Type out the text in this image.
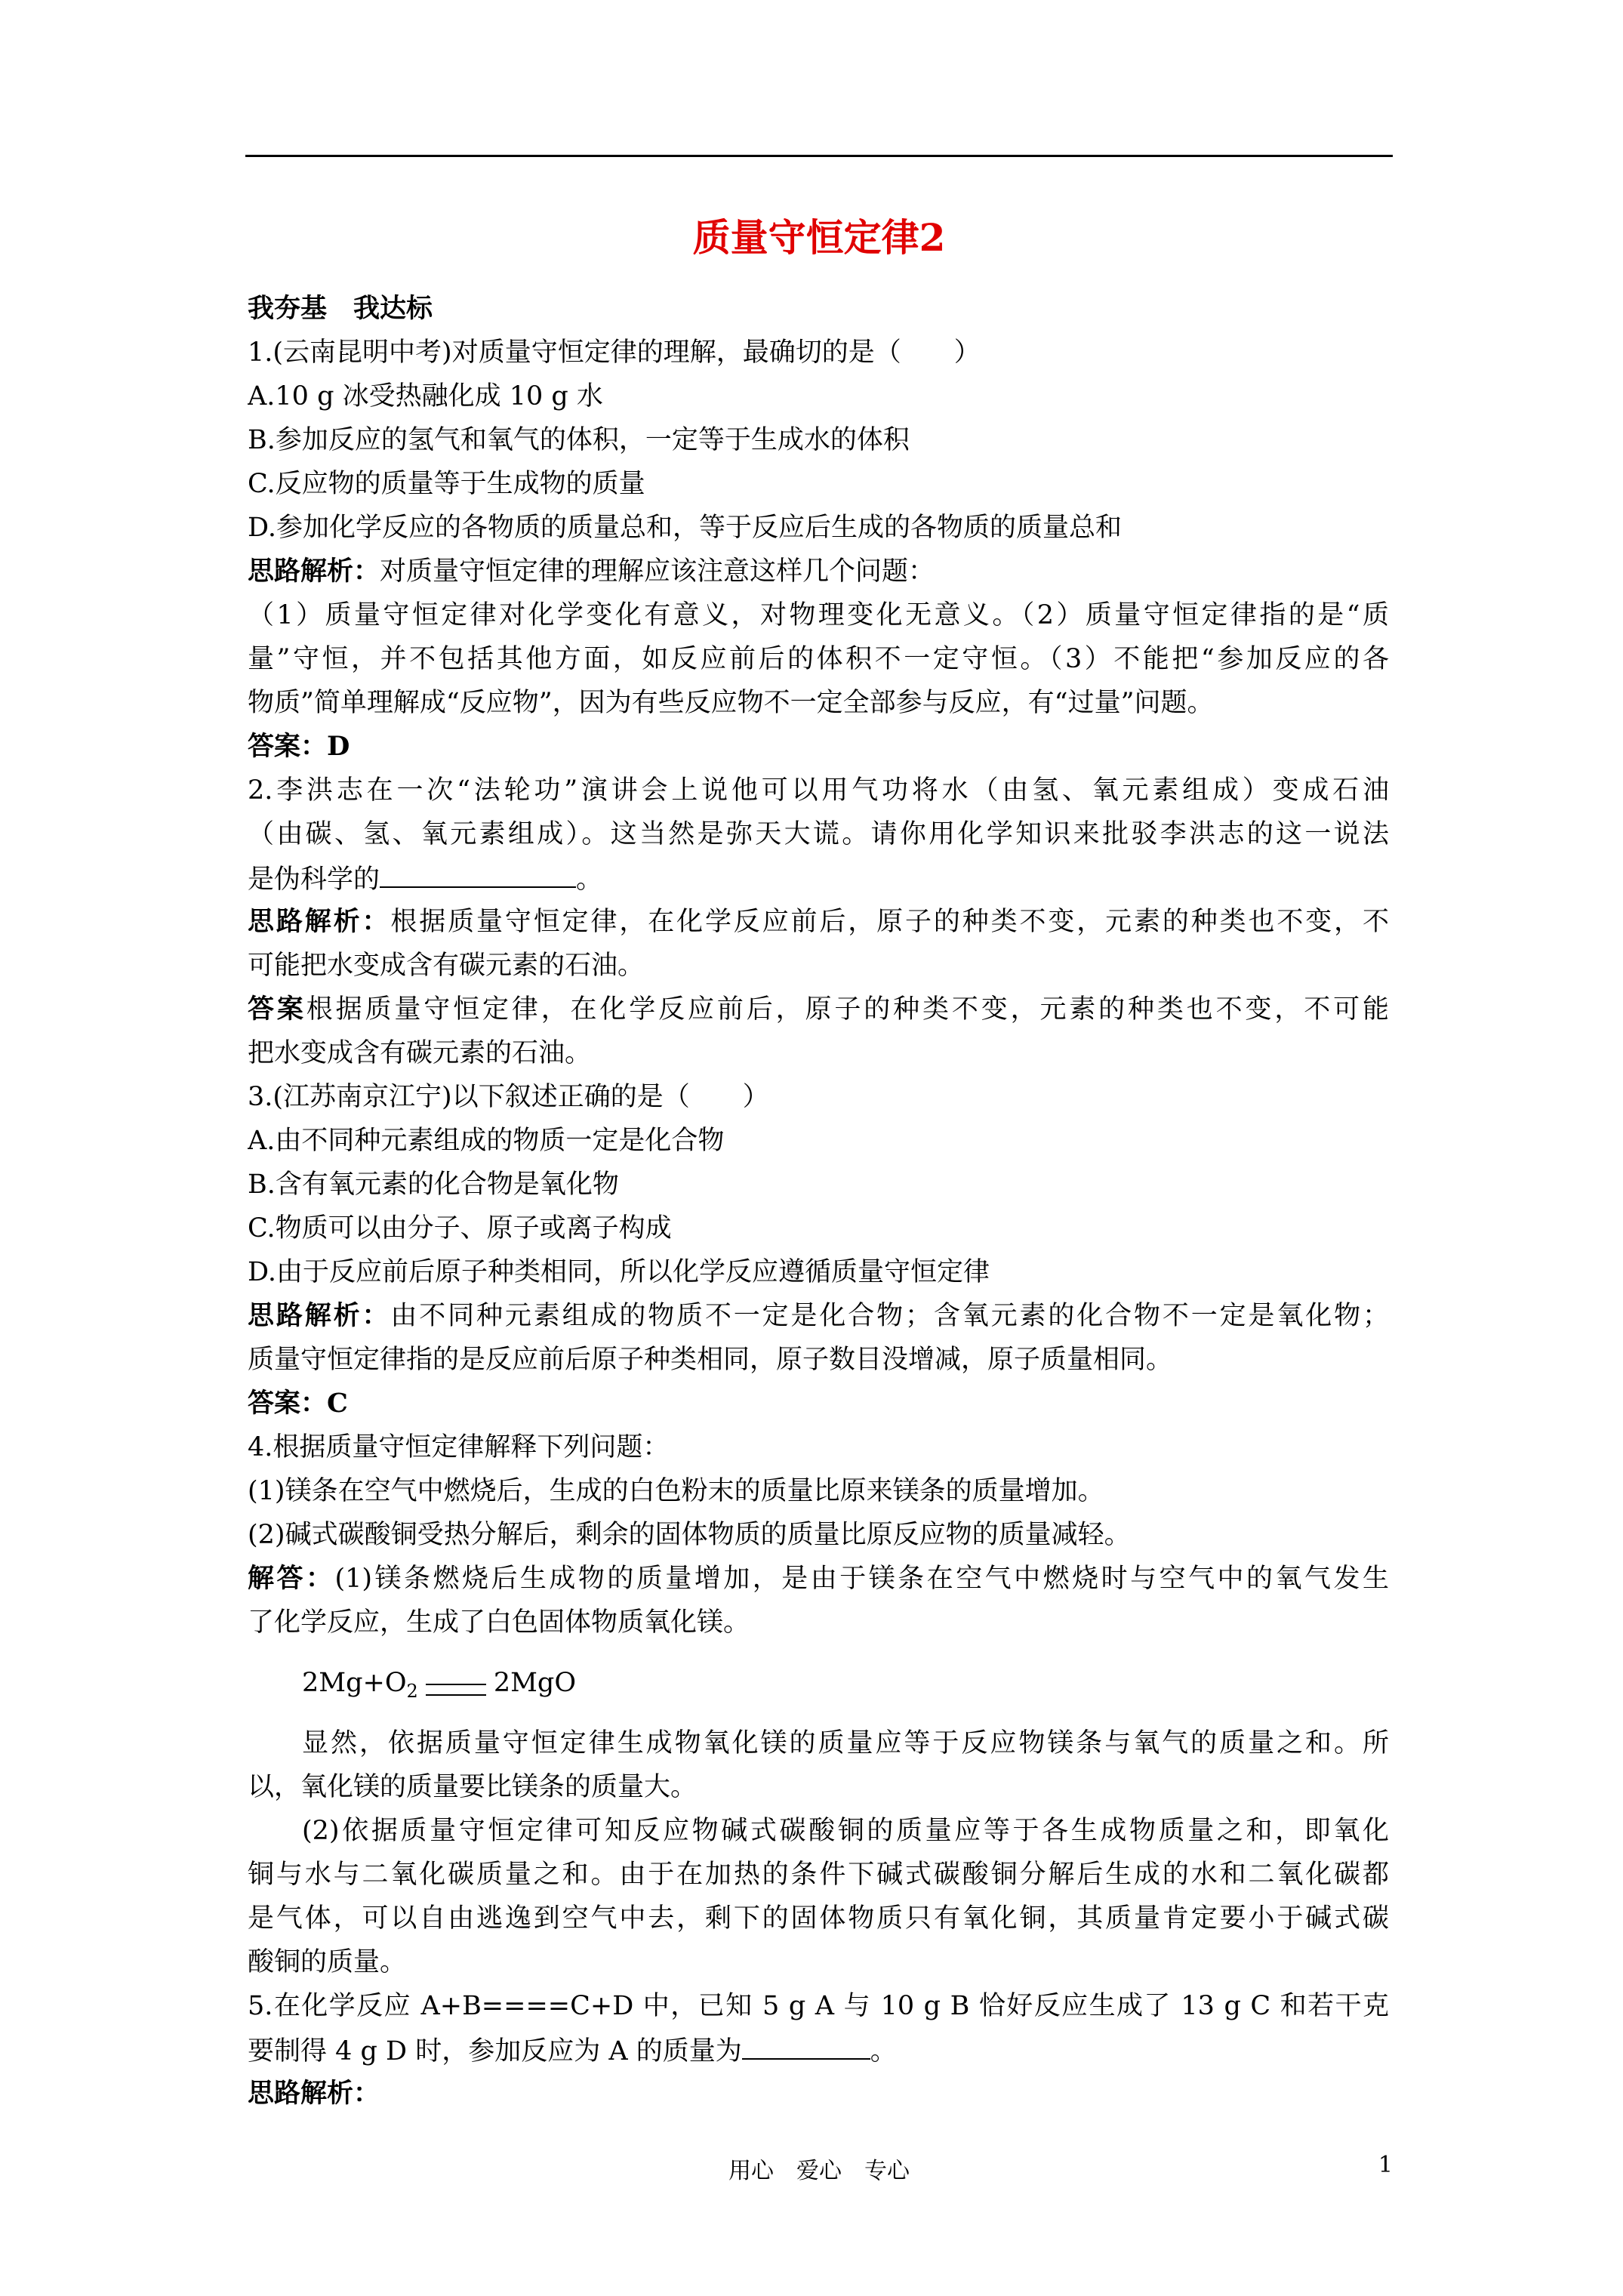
质量守恒定律2
我夯基　我达标
1.(云南昆明中考)对质量守恒定律的理解，最确切的是（　　）
A.10 g 冰受热融化成 10 g 水
B.参加反应的氢气和氧气的体积，一定等于生成水的体积
C.反应物的质量等于生成物的质量
D.参加化学反应的各物质的质量总和，等于反应后生成的各物质的质量总和
思路解析：对质量守恒定律的理解应该注意这样几个问题：
（1）质量守恒定律对化学变化有意义，对物理变化无意义。（2）质量守恒定律指的是“质
量”守恒，并不包括其他方面，如反应前后的体积不一定守恒。（3）不能把“参加反应的各
物质”简单理解成“反应物”，因为有些反应物不一定全部参与反应，有“过量”问题。
答案：D
2.李洪志在一次“法轮功”演讲会上说他可以用气功将水（由氢、氧元素组成）变成石油
（由碳、氢、氧元素组成）。这当然是弥天大谎。请你用化学知识来批驳李洪志的这一说法
是伪科学的	。
思路解析：根据质量守恒定律，在化学反应前后，原子的种类不变，元素的种类也不变，不
可能把水变成含有碳元素的石油。
答案根据质量守恒定律，在化学反应前后，原子的种类不变，元素的种类也不变，不可能
把水变成含有碳元素的石油。
3.(江苏南京江宁)以下叙述正确的是（　　）
A.由不同种元素组成的物质一定是化合物
B.含有氧元素的化合物是氧化物
C.物质可以由分子、原子或离子构成
D.由于反应前后原子种类相同，所以化学反应遵循质量守恒定律
思路解析：由不同种元素组成的物质不一定是化合物；含氧元素的化合物不一定是氧化物；
质量守恒定律指的是反应前后原子种类相同，原子数目没增减，原子质量相同。
答案：C
4.根据质量守恒定律解释下列问题：
(1)镁条在空气中燃烧后，生成的白色粉末的质量比原来镁条的质量增加。
(2)碱式碳酸铜受热分解后，剩余的固体物质的质量比原反应物的质量减轻。
解答：(1)镁条燃烧后生成物的质量增加，是由于镁条在空气中燃烧时与空气中的氧气发生
了化学反应，生成了白色固体物质氧化镁。
$2Mg+O_2$	2MgO
显然，依据质量守恒定律生成物氧化镁的质量应等于反应物镁条与氧气的质量之和。所
以，氧化镁的质量要比镁条的质量大。
(2)依据质量守恒定律可知反应物碱式碳酸铜的质量应等于各生成物质量之和，即氧化
铜与水与二氧化碳质量之和。由于在加热的条件下碱式碳酸铜分解后生成的水和二氧化碳都
是气体，可以自由逃逸到空气中去，剩下的固体物质只有氧化铜，其质量肯定要小于碱式碳
酸铜的质量。
5.在化学反应 A+B====C+D 中，已知 5 g A 与 10 g B 恰好反应生成了 13 g C 和若干克
要制得 4 g D 时，参加反应为 A 的质量为	。
思路解析：
用心　爱心　专心	1
